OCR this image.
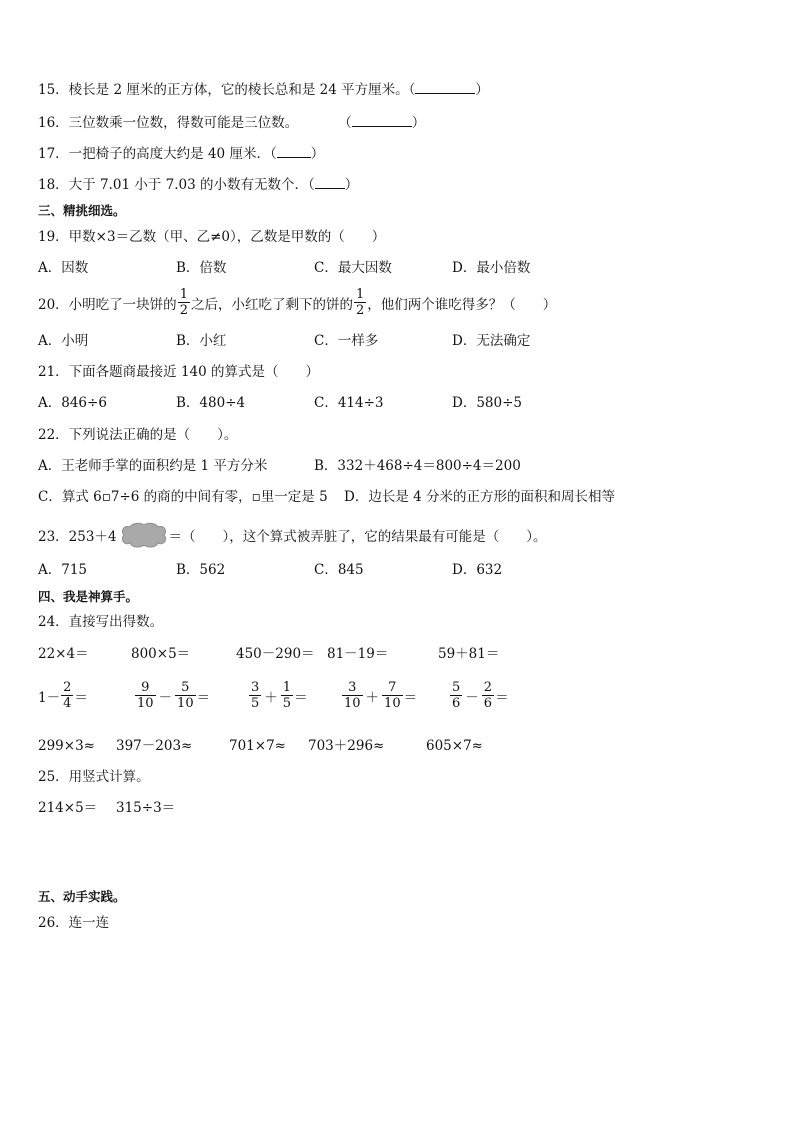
15．棱长是 2 厘米的正方体，它的棱长总和是 24 平方厘米。（	）
16．三位数乘一位数，得数可能是三位数。	（	）
17．一把椅子的高度大约是 40 厘米．（	）
18．大于 7.01 小于 7.03 的小数有无数个．（ ）
三、精挑细选。
19．甲数×3＝乙数（甲、乙≠0），乙数是甲数的（　　）
A．因数	B．倍数	C．最大因数	D．最小倍数
20．小明吃了一块饼的 $\frac{1}{2}$ 之后，小红吃了剩下的饼的 $\frac{1}{2}$ ，他们两个谁吃得多？（　　）
A．小明	B．小红	C．一样多	D．无法确定
21．下面各题商最接近 140 的算式是（　　）
A．846÷6	B．480÷4	C．414÷3	D．580÷5
22．下列说法正确的是（　　）。
A．王老师手掌的面积约是 1 平方分米	B．332＋468÷4＝800÷4＝200
C．算式 6▫7÷6 的商的中间有零，▫里一定是 5 D．边长是 4 分米的正方形的面积和周长相等
23．253＋4	＝（　　），这个算式被弄脏了，它的结果最有可能是（　　）。
A．715	B．562	C．845	D．632
四、我是神算手。
24．直接写出得数。
22×4＝	800×5＝	450－290＝ 81－19＝	59＋81＝
$1- \frac{2}{4}$ ＝	$\frac{9}{10} - \frac{5}{10}$ ＝	$\frac{3}{5} + \frac{1}{5}$ ＝	$\frac{3}{10} + \frac{7}{10}$ ＝	$\frac{5}{6} - \frac{2}{6}$ ＝
299×3≈ 397－203≈	701×7≈ 703＋296≈	605×7≈
25．用竖式计算。
214×5＝ 315÷3＝
五、动手实践。
26．连一连
